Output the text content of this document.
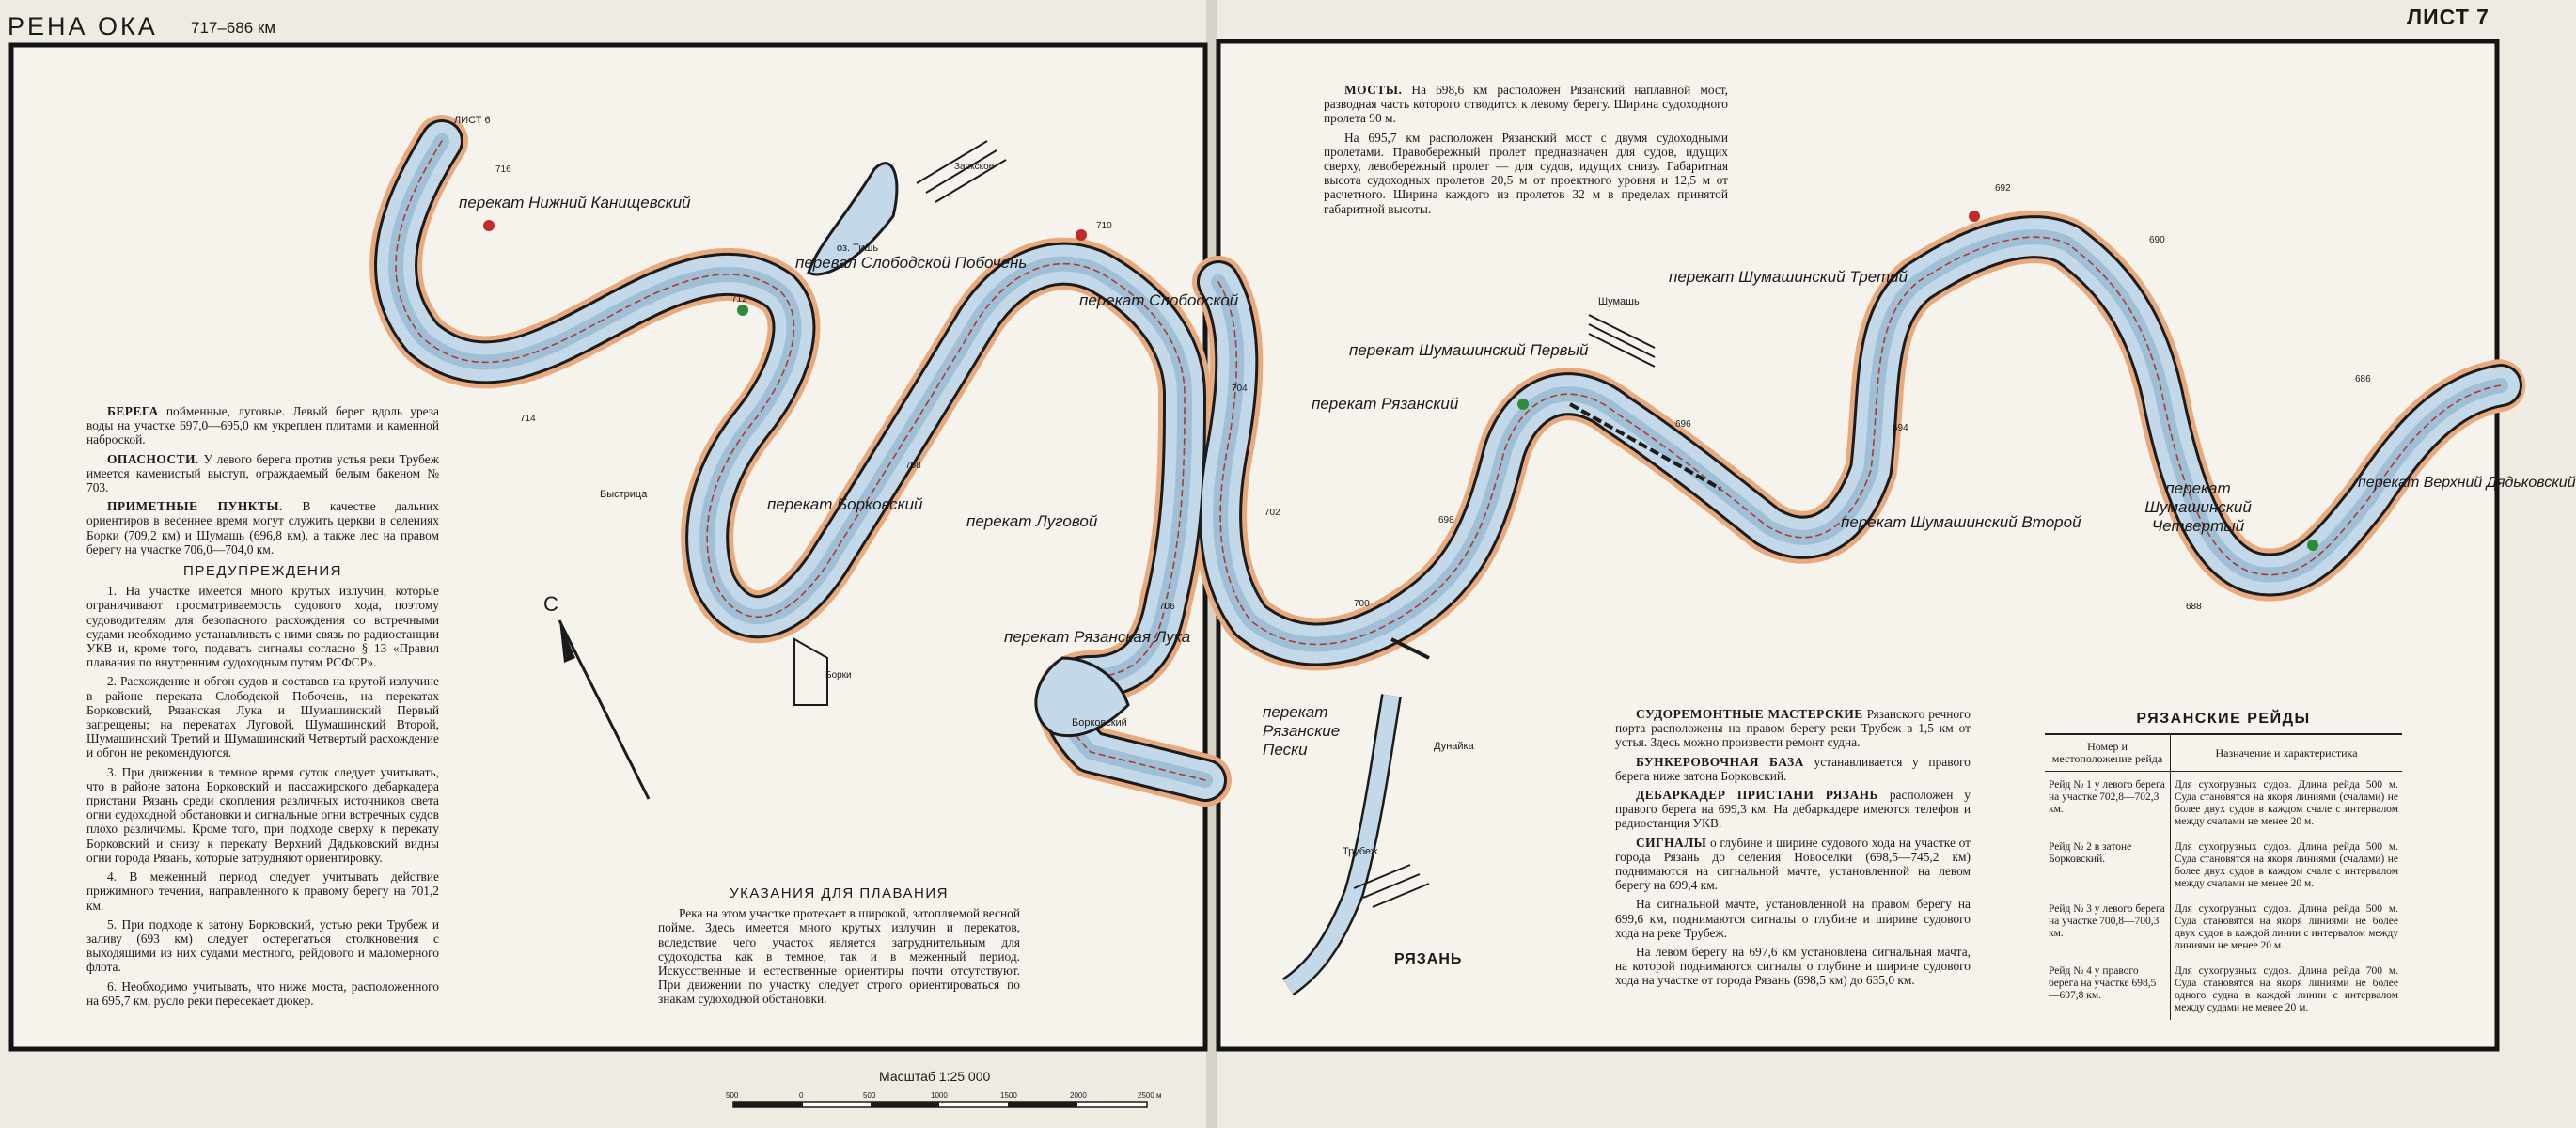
С
РЕНА ОКА 717–686 км	ЛИСТ 7
перекат Нижний Канищевский
перевал Слободской Побочень
перекат Слободской
перекат Борковский
перекат Луговой
перекат Рязанская Лука
перекат Рязанские Пески
перекат Рязанский
перекат Шумашинский Первый
перекат Шумашинский Третий
перекат Шумашинский Второй
перекат Шумашинский Четвертый
перекат Верхний Дядьковский
ЛИСТ 6
оз. Тишь
Заокское
Борки
Быстрица
Шумашь
РЯЗАНЬ
Дунайка
Трубеж
Борковский
716
714
712
710
708
706
704
702
700
698
696	694
692
690
688
686

БЕРЕГА пойменные, луговые. Левый берег вдоль уреза воды на участке 697,0—695,0 км укреплен плитами и каменной наброской.

ОПАСНОСТИ. У левого берега против устья реки Трубеж имеется каменистый выступ, ограждаемый белым бакеном № 703.

ПРИМЕТНЫЕ ПУНКТЫ. В качестве дальних ориентиров в весеннее время могут служить церкви в селениях Борки (709,2 км) и Шумашь (696,8 км), а также лес на правом берегу на участке 706,0—704,0 км.

ПРЕДУПРЕЖДЕНИЯ

1. На участке имеется много крутых излучин, которые ограничивают просматриваемость судового хода, поэтому судоводителям для безопасного расхождения со встречными судами необходимо устанавливать с ними связь по радиостанции УКВ и, кроме того, подавать сигналы согласно § 13 «Правил плавания по внутренним судоходным путям РСФСР».

2. Расхождение и обгон судов и составов на крутой излучине в районе переката Слободской Побочень, на перекатах Борковский, Рязанская Лука и Шумашинский Первый запрещены; на перекатах Луговой, Шумашинский Второй, Шумашинский Третий и Шумашинский Четвертый расхождение и обгон не рекомендуются.

3. При движении в темное время суток следует учитывать, что в районе затона Борковский и пассажирского дебаркадера пристани Рязань среди скопления различных источников света огни судоходной обстановки и сигнальные огни встречных судов плохо различимы. Кроме того, при подходе сверху к перекату Борковский и снизу к перекату Верхний Дядьковский видны огни города Рязань, которые затрудняют ориентировку.

4. В меженный период следует учитывать действие прижимного течения, направленного к правому берегу на 701,2 км.

5. При подходе к затону Борковский, устью реки Трубеж и заливу (693 км) следует остерегаться столкновения с выходящими из них судами местного, рейдового и маломерного флота.

6. Необходимо учитывать, что ниже моста, расположенного на 695,7 км, русло реки пересекает дюкер.

УКАЗАНИЯ ДЛЯ ПЛАВАНИЯ

Река на этом участке протекает в широкой, затопляемой весной пойме. Здесь имеется много крутых излучин и перекатов, вследствие чего участок является затруднительным для судоходства как в темное, так и в меженный период. Искусственные и естественные ориентиры почти отсутствуют. При движении по участку следует строго ориентироваться по знакам судоходной обстановки.

МОСТЫ. На 698,6 км расположен Рязанский наплавной мост, разводная часть которого отводится к левому берегу. Ширина судоходного пролета 90 м.

На 695,7 км расположен Рязанский мост с двумя судоходными пролетами. Правобережный пролет предназначен для судов, идущих сверху, левобережный пролет — для судов, идущих снизу. Габаритная высота судоходных пролетов 20,5 м от проектного уровня и 12,5 м от расчетного. Ширина каждого из пролетов 32 м в пределах принятой габаритной высоты.

СУДОРЕМОНТНЫЕ МАСТЕРСКИЕ Рязанского речного порта расположены на правом берегу реки Трубеж в 1,5 км от устья. Здесь можно произвести ремонт судна.

БУНКЕРОВОЧНАЯ БАЗА устанавливается у правого берега ниже затона Борковский.

ДЕБАРКАДЕР ПРИСТАНИ РЯЗАНЬ расположен у правого берега на 699,3 км. На дебаркадере имеются телефон и радиостанция УКВ.

СИГНАЛЫ о глубине и ширине судового хода на участке от города Рязань до селения Новоселки (698,5—745,2 км) поднимаются на сигнальной мачте, установленной на левом берегу на 699,4 км.

На сигнальной мачте, установленной на правом берегу на 699,6 км, поднимаются сигналы о глубине и ширине судового хода на реке Трубеж.

На левом берегу на 697,6 км установлена сигнальная мачта, на которой поднимаются сигналы о глубине и ширине судового хода на участке от города Рязань (698,5 км) до 635,0 км.

РЯЗАНСКИЕ РЕЙДЫ
Номер и местоположение рейда	Назначение и характеристика
Рейд № 1 у левого берега на участке 702,8—702,3 км.	Для сухогрузных судов. Длина рейда 500 м. Суда становятся на якоря линиями (счалами) не более двух судов в каждом счале с интервалом между счалами не менее 20 м.
Рейд № 2 в затоне Борковский.	Для сухогрузных судов. Длина рейда 500 м. Суда становятся на якоря линиями (счалами) не более двух судов в каждом счале с интервалом между счалами не менее 20 м.
Рейд № 3 у левого берега на участке 700,8—700,3 км.	Для сухогрузных судов. Длина рейда 500 м. Суда становятся на якоря линиями не более двух судов в каждой линии с интервалом между линиями не менее 20 м.
Рейд № 4 у правого берега на участке 698,5—697,8 км.	Для сухогрузных судов. Длина рейда 700 м. Суда становятся на якоря линиями не более одного судна в каждой линии с интервалом между судами не менее 20 м.
Масштаб 1:25 000
500	0	500	1000	1500	2000	2500 м
